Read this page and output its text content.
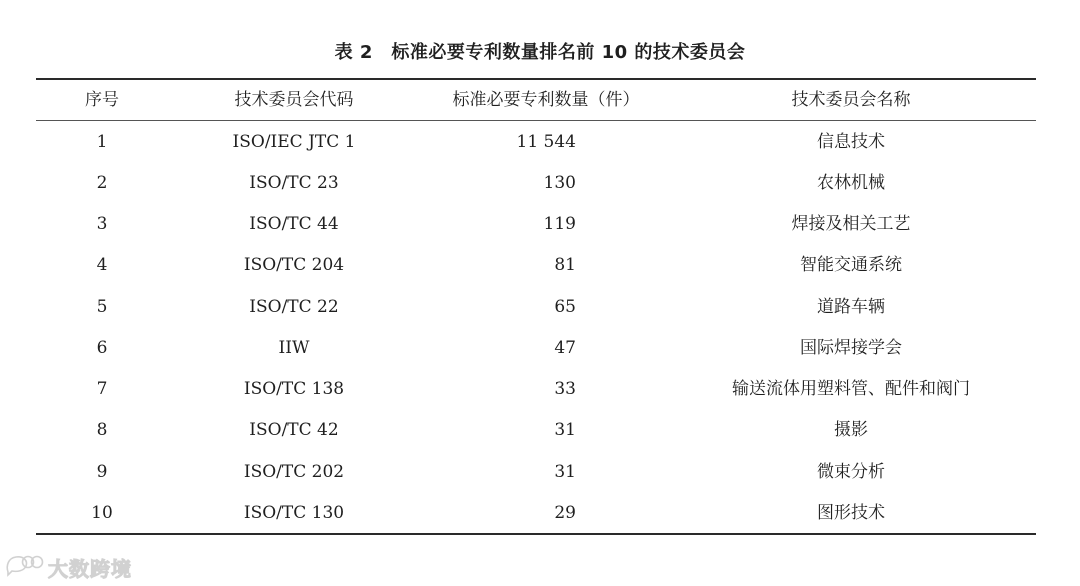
表 2　标准必要专利数量排名前 10 的技术委员会
序号	技术委员会代码	标准必要专利数量（件）	技术委员会名称
1	ISO/IEC JTC 1	11 544	信息技术
2	ISO/TC 23	130	农林机械
3	ISO/TC 44	119	焊接及相关工艺
4	ISO/TC 204	81	智能交通系统
5	ISO/TC 22	65	道路车辆
6	IIW	47	国际焊接学会
7	ISO/TC 138	33	输送流体用塑料管、配件和阀门
8	ISO/TC 42	31	摄影
9	ISO/TC 202	31	微束分析
10	ISO/TC 130	29	图形技术
大数跨境
